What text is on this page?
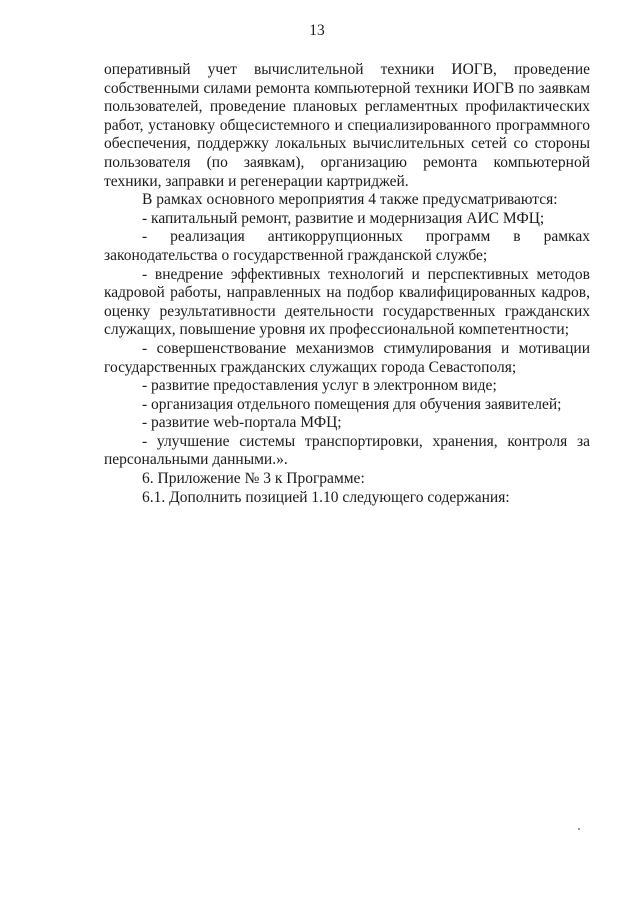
13

оперативный учет вычислительной техники ИОГВ, проведение собственными силами ремонта компьютерной техники ИОГВ по заявкам пользователей, проведение плановых регламентных профилактических работ, установку общесистемного и специализированного программного обеспечения, поддержку локальных вычислительных сетей со стороны пользователя (по заявкам), организацию ремонта компьютерной техники, заправки и регенерации картриджей.

В рамках основного мероприятия 4 также предусматриваются:

- капитальный ремонт, развитие и модернизация АИС МФЦ;

- реализация антикоррупционных программ в рамках законодательства о государственной гражданской службе;

- внедрение эффективных технологий и перспективных методов кадровой работы, направленных на подбор квалифицированных кадров, оценку результативности деятельности государственных гражданских служащих, повышение уровня их профессиональной компетентности;

- совершенствование механизмов стимулирования и мотивации государственных гражданских служащих города Севастополя;

- развитие предоставления услуг в электронном виде;

- организация отдельного помещения для обучения заявителей;

- развитие web-портала МФЦ;

- улучшение системы транспортировки, хранения, контроля за персональными данными.».

6. Приложение № 3 к Программе:

6.1. Дополнить позицией 1.10 следующего содержания:
